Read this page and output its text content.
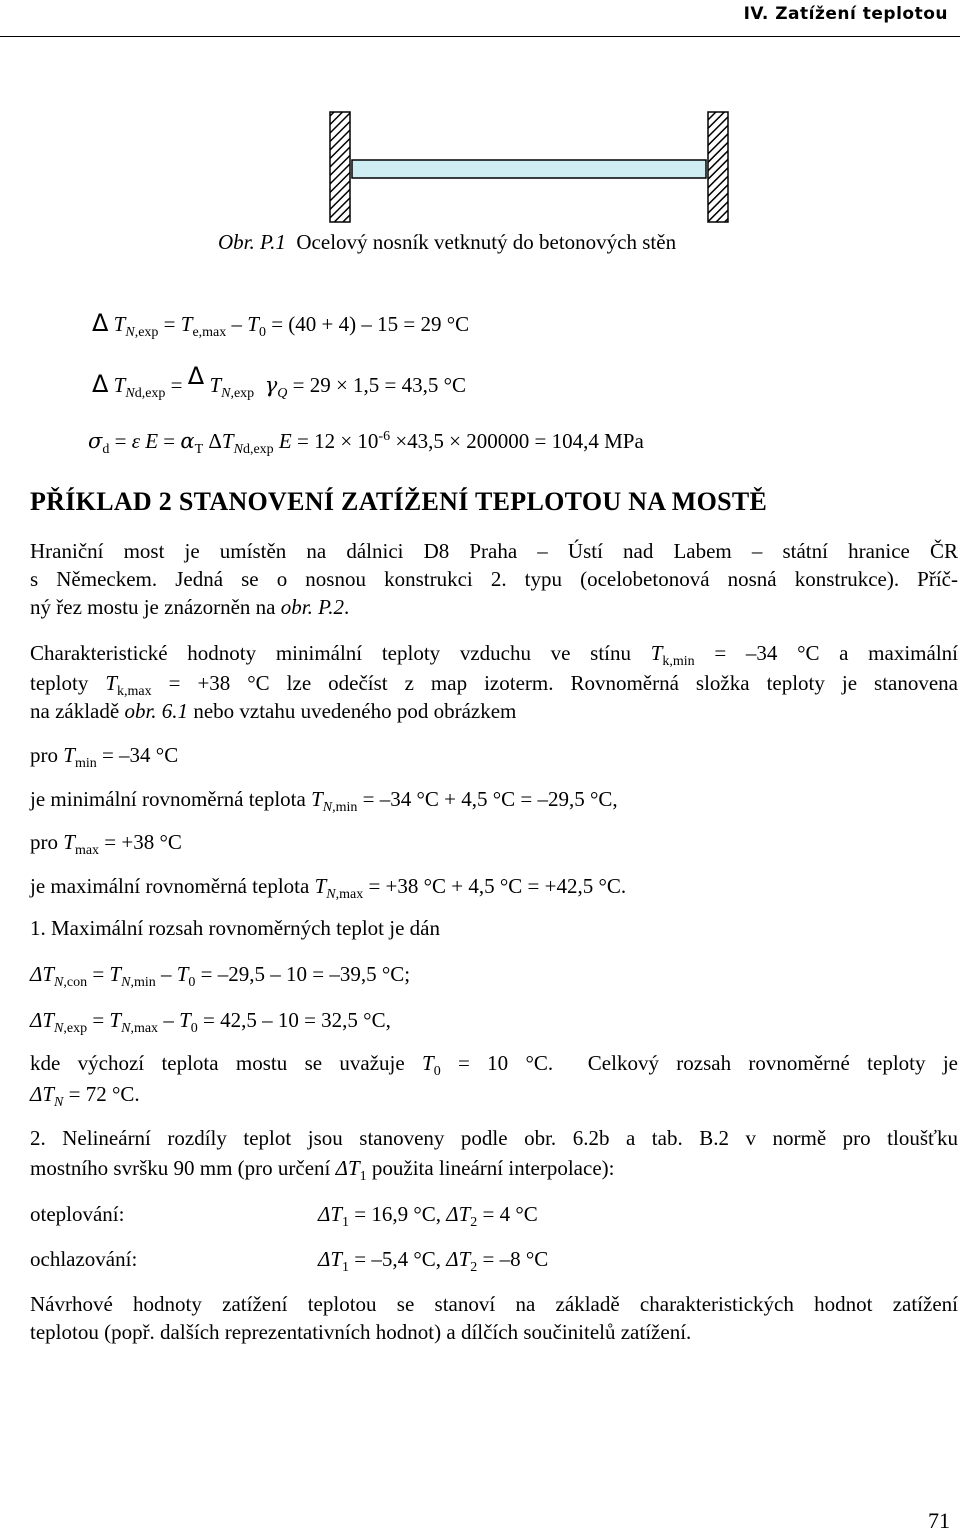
IV. Zatížení teplotou
Obr. P.1 Ocelový nosník vetknutý do betonových stěn
Δ $T_{N,exp} = T_{e,max} - T_0 = (40 + 4) - 15 = 29$ °C
Δ $T_{Nd,exp} = \Delta$ $T_{N,exp}$ $\gamma_Q = 29 \times 1,5 = 43,5$ °C
$\sigma_d = \varepsilon$ $E = \alpha_T$ $\Delta T_{Nd,exp}$ $E = 12 \times 10^{-6} \times 43,5 \times 200000 = 104,4$ MPa
PŘÍKLAD 2 STANOVENÍ ZATÍŽENÍ TEPLOTOU NA MOSTĚ
Hraniční most je umístěn na dálnici D8 Praha – Ústí nad Labem – státní hranice ČR
s Německem. Jedná se o nosnou konstrukci 2. typu (ocelobetonová nosná konstrukce). Příč-
ný řez mostu je znázorněn na obr. P.2.
Charakteristické hodnoty minimální teploty vzduchu ve stínu $T_{k,min} = -34$ °C a maximální
teploty $T_{k,max} = +38$ °C lze odečíst z map izoterm. Rovnoměrná složka teploty je stanovena
na základě obr. 6.1 nebo vztahu uvedeného pod obrázkem
pro $T_{min} = -34$ °C
je minimální rovnoměrná teplota $T_{N,min} = -34$ °C + 4,5 °C = –29,5 °C,
pro $T_{max} = +38$ °C
je maximální rovnoměrná teplota $T_{N,max} = +38$ °C + 4,5 °C = +42,5 °C.
1. Maximální rozsah rovnoměrných teplot je dán
$\Delta T_{N,con} = T_{N,min} - T_0 = -29,5 - 10 = -39,5$ °C;
$\Delta T_{N,exp} = T_{N,max} - T_0 = 42,5 - 10 = 32,5$ °C,
kde výchozí teplota mostu se uvažuje $T_0 = 10$ °C.  Celkový rozsah rovnoměrné teploty je
$\Delta T_N = 72$ °C.
2. Nelineární rozdíly teplot jsou stanoveny podle obr. 6.2b a tab. B.2 v normě pro tloušťku
mostního svršku 90 mm (pro určení $\Delta T_1$ použita lineární interpolace):
oteplování:	$\Delta T_1 = 16,9$ °C, $\Delta T_2 = 4$ °C
ochlazování:	$\Delta T_1 = -5,4$ °C, $\Delta T_2 = -8$ °C
Návrhové hodnoty zatížení teplotou se stanoví na základě charakteristických hodnot zatížení
teplotou (popř. dalších reprezentativních hodnot) a dílčích součinitelů zatížení.
71
